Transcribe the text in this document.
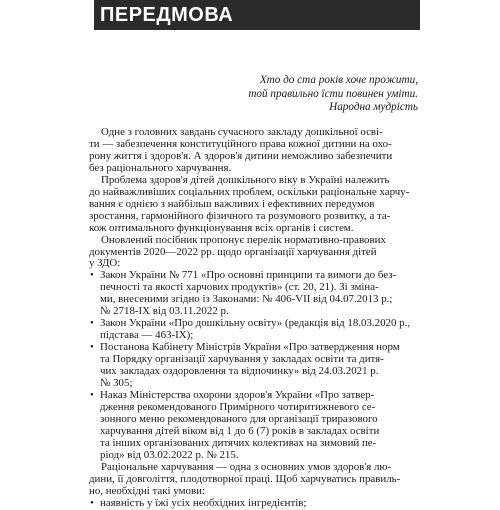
ПЕРЕДМОВА
Хто до ста років хоче прожити,
той правильно їсти повинен уміти.
Народна мудрість
Одне з головних завдань сучасного закладу дошкільної осві-
ти — забезпечення конституційного права кожної дитини на охо-
рону життя і здоров'я. А здоров'я дитини неможливо забезпечити
без раціонального харчування.
Проблема здоров'я дітей дошкільного віку в Україні належить
до найважливіших соціальних проблем, оскільки раціональне харчу-
вання є однією з найбільш важливих і ефективних передумов
зростання, гармонійного фізичного та розумового розвитку, а та-
кож оптимального функціонування всіх органів і систем.
Оновлений посібник пропонує перелік нормативно-правових
документів 2020—2022 рр. щодо організації харчування дітей
у ЗДО:
• Закон України № 771 «Про основні принципи та вимоги до без-
печності та якості харчових продуктів» (ст. 20, 21). Зі змінa-
ми, внесеними згідно із Законами: № 406-VII від 04.07.2013 р.;
№ 2718-IX від 03.11.2022 р.
• Закон України «Про дошкільну освіту» (редакція від 18.03.2020 р.,
підстава — 463-IX);
• Постанова Кабінету Міністрів України «Про затвердження норм
та Порядку організації харчування у закладах освіти та дитя-
чих закладах оздоровлення та відпочинку» від 24.03.2021 р.
№ 305;
• Наказ Міністерства охорони здоров'я України «Про затвер-
дження рекомендованого Примірного чотиритижневого се-
зонного меню рекомендованого для організації триразового
харчування дітей віком від 1 до 6 (7) років в закладах освіти
та інших організованих дитячих колективах на зимовий пе-
ріод» від 03.02.2022 р. № 215.
Раціональне харчування — одна з основних умов здоров'я лю-
дини, її довголіття, плодотворної праці. Щоб харчуватись правиль-
но, необхідні такі умови:
• наявність у їжі усіх необхідних інгредієнтів;
